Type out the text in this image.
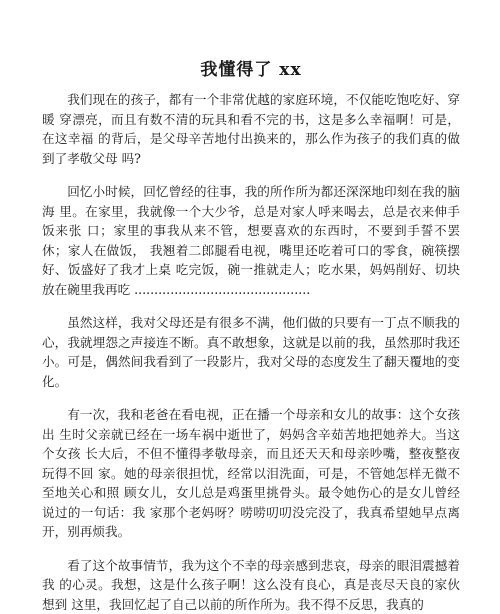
我懂得了 xx

我们现在的孩子，都有一个非常优越的家庭环境，不仅能吃饱吃好、穿暖 穿漂亮，而且有数不清的玩具和看不完的书，这是多么幸福啊！可是，在这幸福 的背后，是父母辛苦地付出换来的，那么作为孩子的我们真的做到了孝敬父母 吗?

回忆小时候，回忆曾经的往事，我的所作所为都还深深地印刻在我的脑海 里。在家里，我就像一个大少爷，总是对家人呼来喝去，总是衣来伸手饭来张 口；家里的事我从来不管，想要喜欢的东西时，不要到手誓不罢休；家人在做饭， 我翘着二郎腿看电视，嘴里还吃着可口的零食，碗筷摆好、饭盛好了我才上桌 吃完饭，碗一推就走人；吃水果，妈妈削好、切块放在碗里我再吃 ............................................

虽然这样，我对父母还是有很多不满，他们做的只要有一丁点不顺我的 心，我就埋怨之声接连不断。真不敢想象，这就是以前的我，虽然那时我还 小。可是，偶然间我看到了一段影片，我对父母的态度发生了翻天覆地的变 化。

有一次，我和老爸在看电视，正在播一个母亲和女儿的故事：这个女孩出 生时父亲就已经在一场车祸中逝世了，妈妈含辛茹苦地把她养大。当这个女孩 长大后，不但不懂得孝敬母亲，而且还天天和母亲吵嘴，整夜整夜玩得不回 家。她的母亲很担忧，经常以泪洗面，可是，不管她怎样无微不至地关心和照 顾女儿，女儿总是鸡蛋里挑骨头。最令她伤心的是女儿曾经说过的一句话：我 家那个老妈呀？唠唠叨叨没完没了，我真希望她早点离开，别再烦我。

看了这个故事情节，我为这个不幸的母亲感到悲哀，母亲的眼泪震撼着我 的心灵。我想，这是什么孩子啊！这么没有良心，真是丧尽天良的家伙 想到 这里，我回忆起了自己以前的所作所为。我不得不反思，我真的
